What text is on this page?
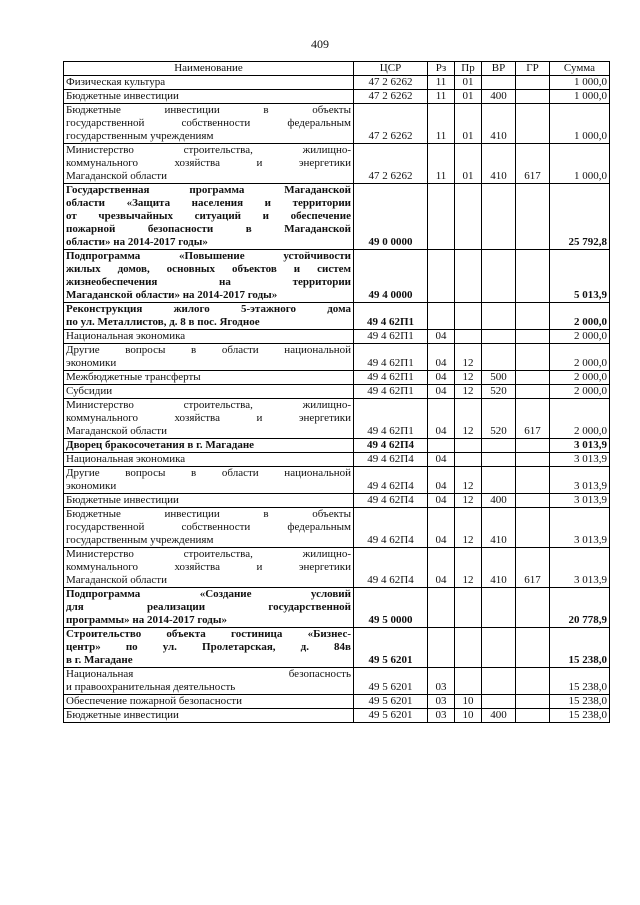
409
Наименование	ЦСР	Рз	Пр	ВР	ГР	Сумма

Физическая культура	47 2 6262	11	01			1 000,0

Бюджетные инвестиции	47 2 6262	11	01	400		1 000,0

Бюджетные инвестиции в объекты
государственной собственности федеральным
государственным учреждениям	47 2 6262	11	01	410		1 000,0

Министерство строительства, жилищно-
коммунального хозяйства и энергетики
Магаданской области	47 2 6262	11	01	410	617	1 000,0

Государственная программа Магаданской
области «Защита населения и территории
от чрезвычайных ситуаций и обеспечение
пожарной безопасности в Магаданской
области» на 2014-2017 годы»	49 0 0000					25 792,8

Подпрограмма «Повышение устойчивости
жилых домов, основных объектов и систем
жизнеобеспечения на территории
Магаданской области» на 2014-2017 годы»	49 4 0000					5 013,9

Реконструкция жилого 5-этажного дома
по ул. Металлистов, д. 8 в пос. Ягодное	49 4 62П1					2 000,0

Национальная экономика	49 4 62П1	04				2 000,0

Другие вопросы в области национальной
экономики	49 4 62П1	04	12			2 000,0

Межбюджетные трансферты	49 4 62П1	04	12	500		2 000,0

Субсидии	49 4 62П1	04	12	520		2 000,0

Министерство строительства, жилищно-
коммунального хозяйства и энергетики
Магаданской области	49 4 62П1	04	12	520	617	2 000,0

Дворец бракосочетания в г. Магадане	49 4 62П4					3 013,9

Национальная экономика	49 4 62П4	04				3 013,9

Другие вопросы в области национальной
экономики	49 4 62П4	04	12			3 013,9

Бюджетные инвестиции	49 4 62П4	04	12	400		3 013,9

Бюджетные инвестиции в объекты
государственной собственности федеральным
государственным учреждениям	49 4 62П4	04	12	410		3 013,9

Министерство строительства, жилищно-
коммунального хозяйства и энергетики
Магаданской области	49 4 62П4	04	12	410	617	3 013,9

Подпрограмма «Создание условий
для реализации государственной
программы» на 2014-2017 годы»	49 5 0000					20 778,9

Строительство объекта гостиница «Бизнес-
центр» по ул. Пролетарская, д. 84в
в г. Магадане	49 5 6201					15 238,0

Национальная безопасность
и правоохранительная деятельность	49 5 6201	03				15 238,0

Обеспечение пожарной безопасности	49 5 6201	03	10			15 238,0

Бюджетные инвестиции	49 5 6201	03	10	400		15 238,0
